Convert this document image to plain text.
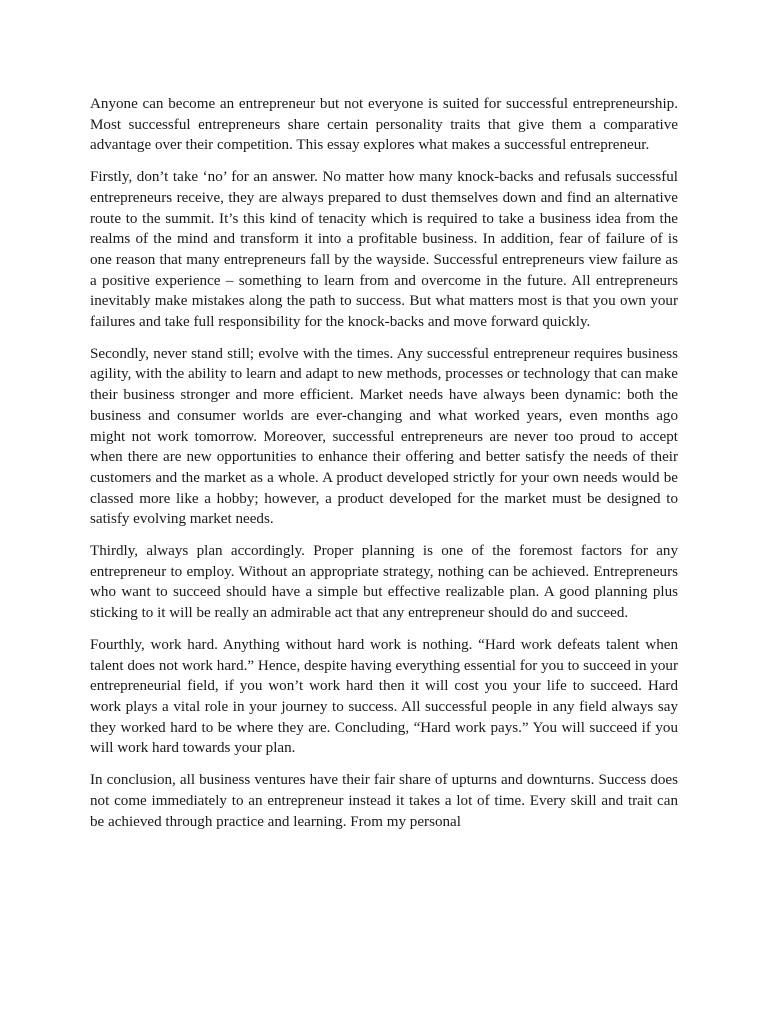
Anyone can become an entrepreneur but not everyone is suited for successful entrepreneurship. Most successful entrepreneurs share certain personality traits that give them a comparative advantage over their competition. This essay explores what makes a successful entrepreneur.

Firstly, don’t take ‘no’ for an answer. No matter how many knock-backs and refusals successful entrepreneurs receive, they are always prepared to dust themselves down and find an alternative route to the summit. It’s this kind of tenacity which is required to take a business idea from the realms of the mind and transform it into a profitable business. In addition, fear of failure of is one reason that many entrepreneurs fall by the wayside. Successful entrepreneurs view failure as a positive experience – something to learn from and overcome in the future. All entrepreneurs inevitably make mistakes along the path to success. But what matters most is that you own your failures and take full responsibility for the knock-backs and move forward quickly.

Secondly, never stand still; evolve with the times. Any successful entrepreneur requires business agility, with the ability to learn and adapt to new methods, processes or technology that can make their business stronger and more efficient. Market needs have always been dynamic: both the business and consumer worlds are ever-changing and what worked years, even months ago might not work tomorrow. Moreover, successful entrepreneurs are never too proud to accept when there are new opportunities to enhance their offering and better satisfy the needs of their customers and the market as a whole. A product developed strictly for your own needs would be classed more like a hobby; however, a product developed for the market must be designed to satisfy evolving market needs.

Thirdly, always plan accordingly. Proper planning is one of the foremost factors for any entrepreneur to employ. Without an appropriate strategy, nothing can be achieved. Entrepreneurs who want to succeed should have a simple but effective realizable plan. A good planning plus sticking to it will be really an admirable act that any entrepreneur should do and succeed.

Fourthly, work hard. Anything without hard work is nothing. “Hard work defeats talent when talent does not work hard.” Hence, despite having everything essential for you to succeed in your entrepreneurial field, if you won’t work hard then it will cost you your life to succeed. Hard work plays a vital role in your journey to success. All successful people in any field always say they worked hard to be where they are. Concluding, “Hard work pays.” You will succeed if you will work hard towards your plan.

In conclusion, all business ventures have their fair share of upturns and downturns. Success does not come immediately to an entrepreneur instead it takes a lot of time. Every skill and trait can be achieved through practice and learning. From my personal
